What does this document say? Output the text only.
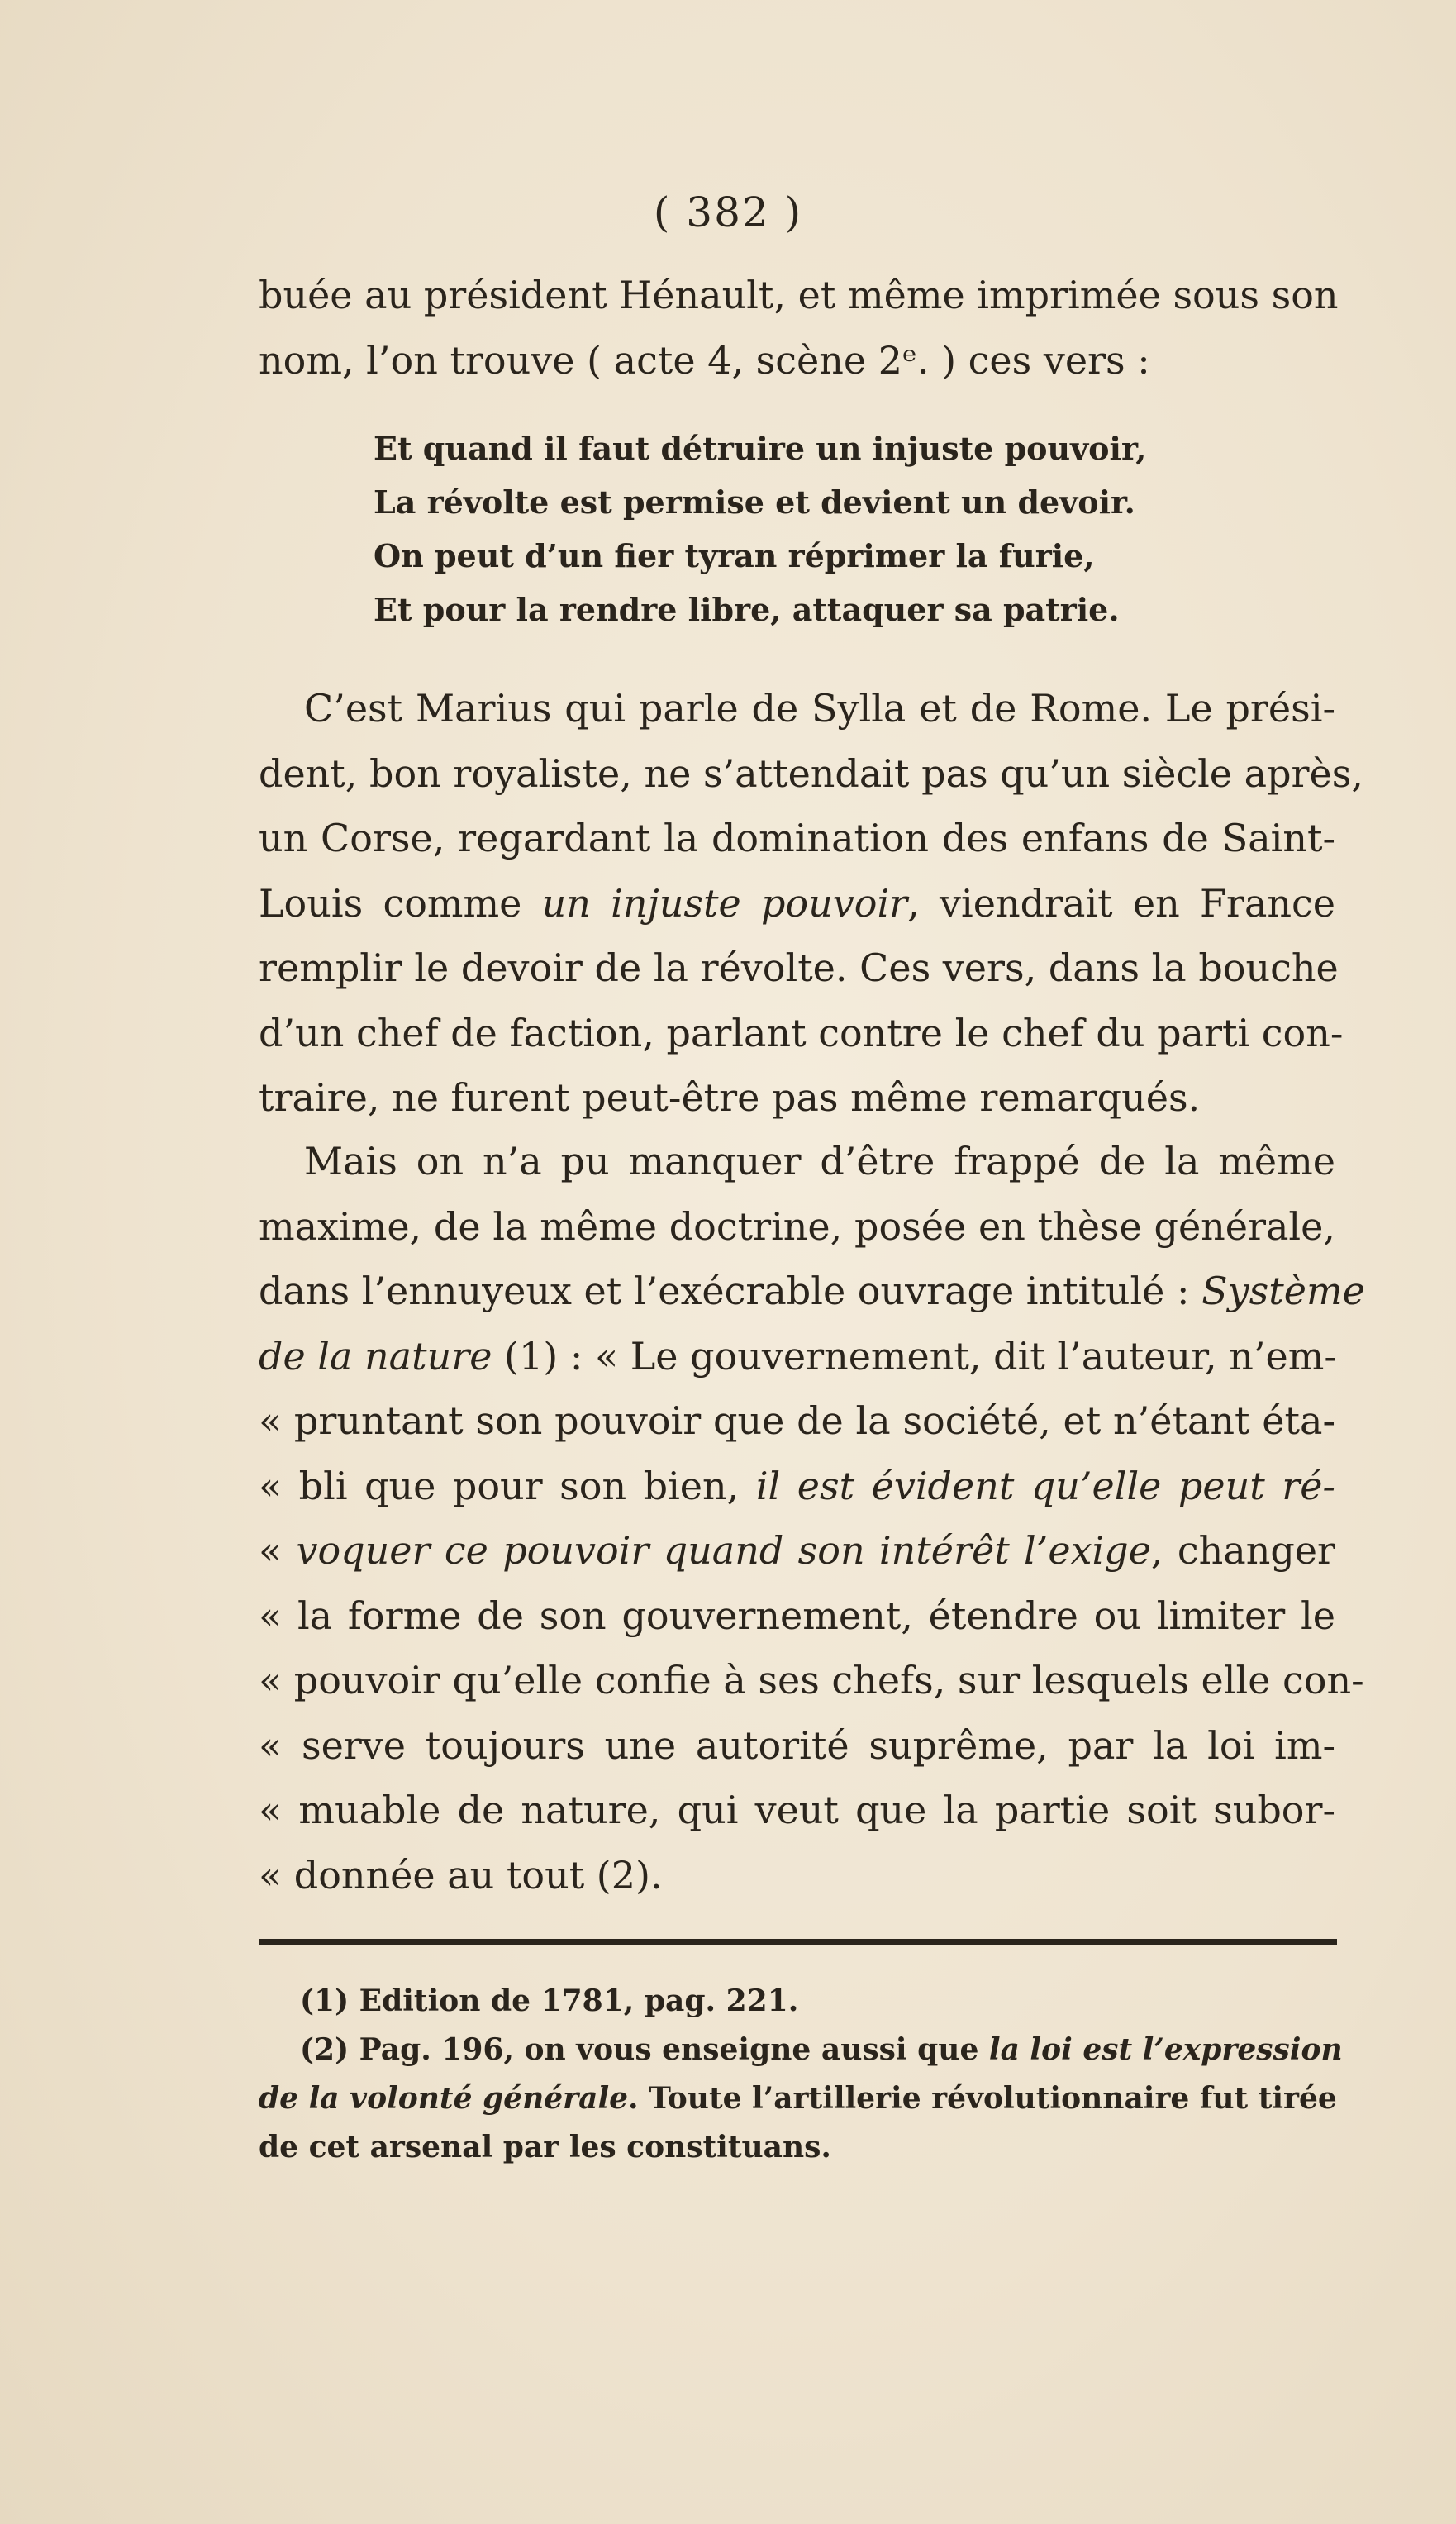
( 382 )
buée au président Hénault, et même imprimée sous son
nom, l’on trouve ( acte 4, scène 2ᵉ. ) ces vers :
Et quand il faut détruire un injuste pouvoir,
La révolte est permise et devient un devoir.
On peut d’un fier tyran réprimer la furie,
Et pour la rendre libre, attaquer sa patrie.
C’est Marius qui parle de Sylla et de Rome. Le prési-
dent, bon royaliste, ne s’attendait pas qu’un siècle après,
un Corse, regardant la domination des enfans de Saint-
Louis comme un injuste pouvoir, viendrait en France
remplir le devoir de la révolte. Ces vers, dans la bouche
d’un chef de faction, parlant contre le chef du parti con-
traire, ne furent peut-être pas même remarqués.
Mais on n’a pu manquer d’être frappé de la même
maxime, de la même doctrine, posée en thèse générale,
dans l’ennuyeux et l’exécrable ouvrage intitulé : Système
de la nature (1) : « Le gouvernement, dit l’auteur, n’em-
« pruntant son pouvoir que de la société, et n’étant éta-
« bli que pour son bien, il est évident qu’elle peut ré-
« voquer ce pouvoir quand son intérêt l’exige, changer
« la forme de son gouvernement, étendre ou limiter le
« pouvoir qu’elle confie à ses chefs, sur lesquels elle con-
« serve toujours une autorité suprême, par la loi im-
« muable de nature, qui veut que la partie soit subor-
« donnée au tout (2).
(1) Edition de 1781, pag. 221.
(2) Pag. 196, on vous enseigne aussi que la loi est l’expression
de la volonté générale. Toute l’artillerie révolutionnaire fut tirée
de cet arsenal par les constituans.
